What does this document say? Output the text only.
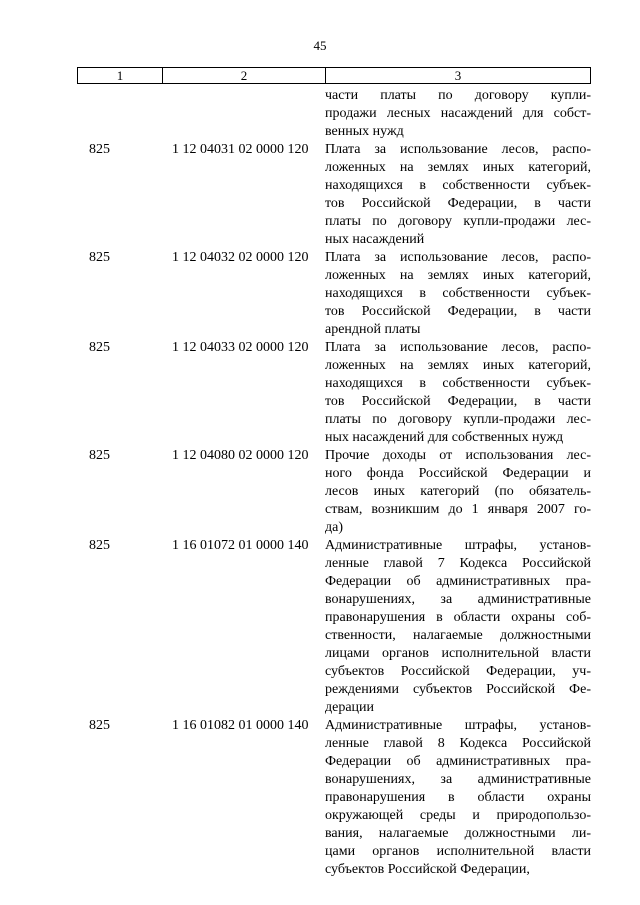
45
1	2	3
части платы по договору купли-
продажи лесных насаждений для собст-
венных нужд
825	1 12 04031 02 0000 120	Плата за использование лесов, распо-
ложенных на землях иных категорий,
находящихся в собственности субъек-
тов Российской Федерации, в части
платы по договору купли-продажи лес-
ных насаждений
825	1 12 04032 02 0000 120	Плата за использование лесов, распо-
ложенных на землях иных категорий,
находящихся в собственности субъек-
тов Российской Федерации, в части
арендной платы
825	1 12 04033 02 0000 120	Плата за использование лесов, распо-
ложенных на землях иных категорий,
находящихся в собственности субъек-
тов Российской Федерации, в части
платы по договору купли-продажи лес-
ных насаждений для собственных нужд
825	1 12 04080 02 0000 120	Прочие доходы от использования лес-
ного фонда Российской Федерации и
лесов иных категорий (по обязатель-
ствам, возникшим до 1 января 2007 го-
да)
825	1 16 01072 01 0000 140	Административные штрафы, установ-
ленные главой 7 Кодекса Российской
Федерации об административных пра-
вонарушениях, за административные
правонарушения в области охраны соб-
ственности, налагаемые должностными
лицами органов исполнительной власти
субъектов Российской Федерации, уч-
реждениями субъектов Российской Фе-
дерации
825	1 16 01082 01 0000 140	Административные штрафы, установ-
ленные главой 8 Кодекса Российской
Федерации об административных пра-
вонарушениях, за административные
правонарушения в области охраны
окружающей среды и природопользо-
вания, налагаемые должностными ли-
цами органов исполнительной власти
субъектов Российской Федерации,
